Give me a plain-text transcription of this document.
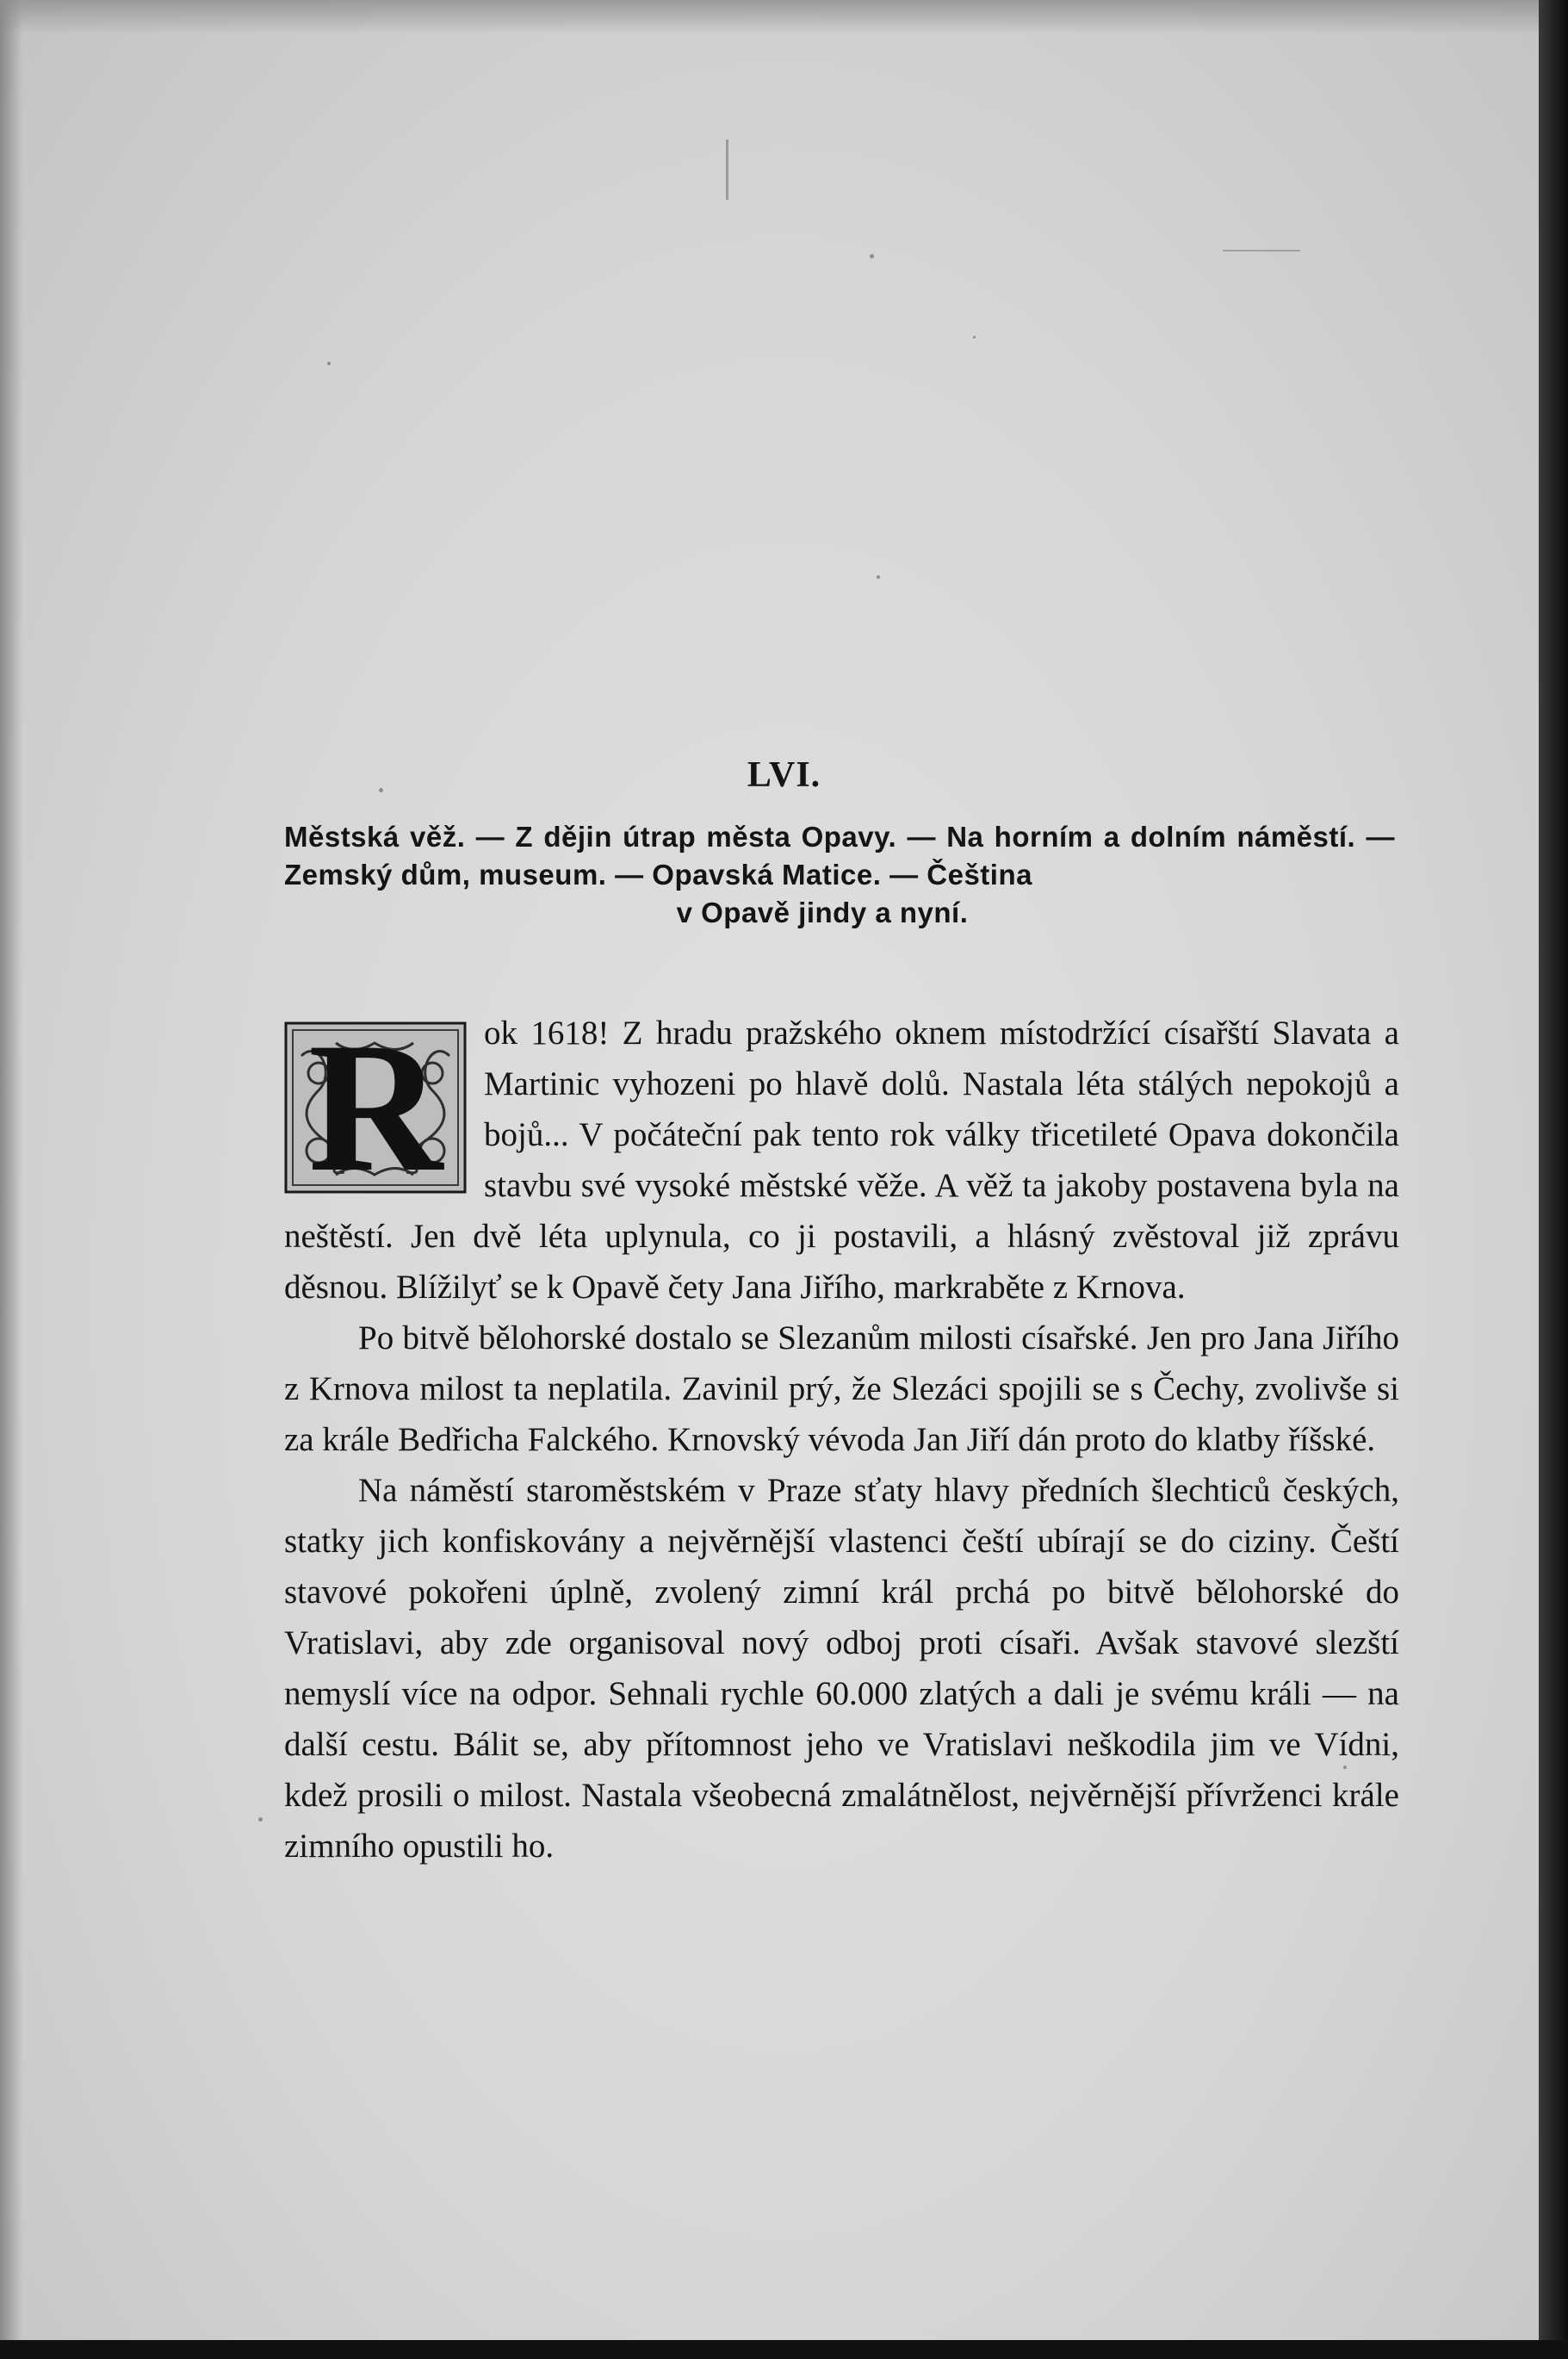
LVI.
Městská věž. — Z dějin útrap města Opavy. — Na horním a dolním náměstí. — Zemský dům, museum. — Opavská Matice. — Čeština
v Opavě jindy a nyní.
R	ok 1618! Z hradu pražského oknem místodržící císařští Slavata a Martinic vyhozeni po hlavě dolů. Nastala léta stálých nepokojů a bojů... V počáteční pak tento rok války třicetileté Opava dokončila stavbu své vysoké městské věže. A věž ta jakoby postavena byla na neštěstí. Jen dvě léta uplynula, co ji postavili, a hlásný zvěstoval již zprávu děsnou. Blížilyť se k Opavě čety Jana Jiřího, markraběte z Krnova.

Po bitvě bělohorské dostalo se Slezanům milosti císařské. Jen pro Jana Jiřího z Krnova milost ta neplatila. Zavinil prý, že Slezáci spojili se s Čechy, zvolivše si za krále Bedřicha Falckého. Krnovský vévoda Jan Jiří dán proto do klatby říšské.

Na náměstí staroměstském v Praze sťaty hlavy předních šlechticů českých, statky jich konfiskovány a nejvěrnější vlastenci čeští ubírají se do ciziny. Čeští stavové pokořeni úplně, zvolený zimní král prchá po bitvě bělohorské do Vratislavi, aby zde organisoval nový odboj proti císaři. Avšak stavové slezští nemyslí více na odpor. Sehnali rychle 60.000 zlatých a dali je svému králi — na další cestu. Bálit se, aby přítomnost jeho ve Vratislavi neškodila jim ve Vídni, kdež prosili o milost. Nastala všeobecná zmalátnělost, nejvěrnější přívrženci krále zimního opustili ho.
